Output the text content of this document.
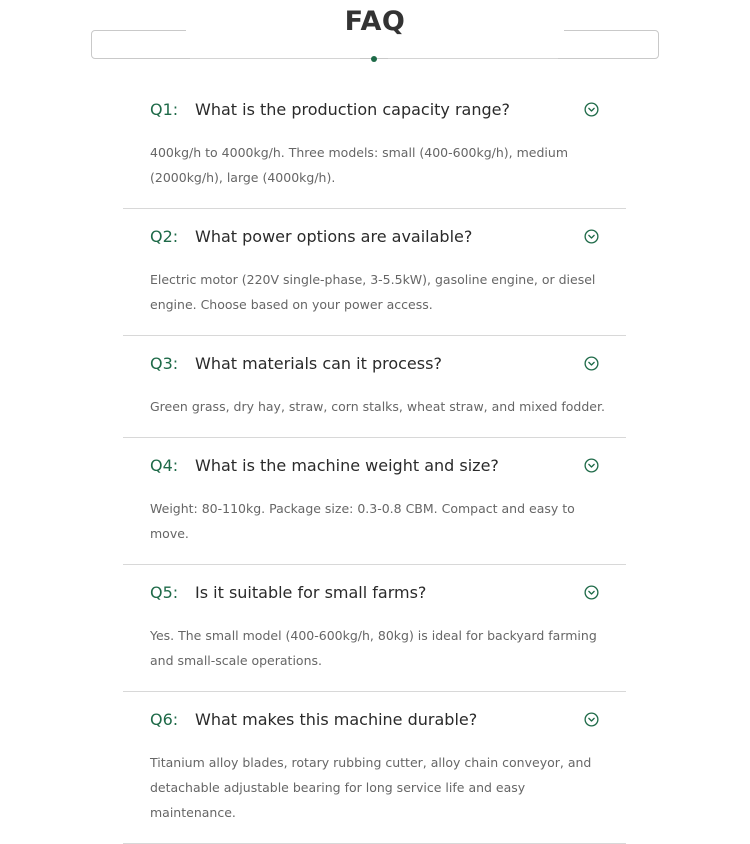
FAQ
Q1: What is the production capacity range?
400kg/h to 4000kg/h. Three models: small (400-600kg/h), medium (2000kg/h), large (4000kg/h).
Q2: What power options are available?
Electric motor (220V single-phase, 3-5.5kW), gasoline engine, or diesel engine. Choose based on your power access.
Q3: What materials can it process?
Green grass, dry hay, straw, corn stalks, wheat straw, and mixed fodder.
Q4: What is the machine weight and size?
Weight: 80-110kg. Package size: 0.3-0.8 CBM. Compact and easy to move.
Q5: Is it suitable for small farms?
Yes. The small model (400-600kg/h, 80kg) is ideal for backyard farming and small-scale operations.
Q6: What makes this machine durable?
Titanium alloy blades, rotary rubbing cutter, alloy chain conveyor, and detachable adjustable bearing for long service life and easy maintenance.
